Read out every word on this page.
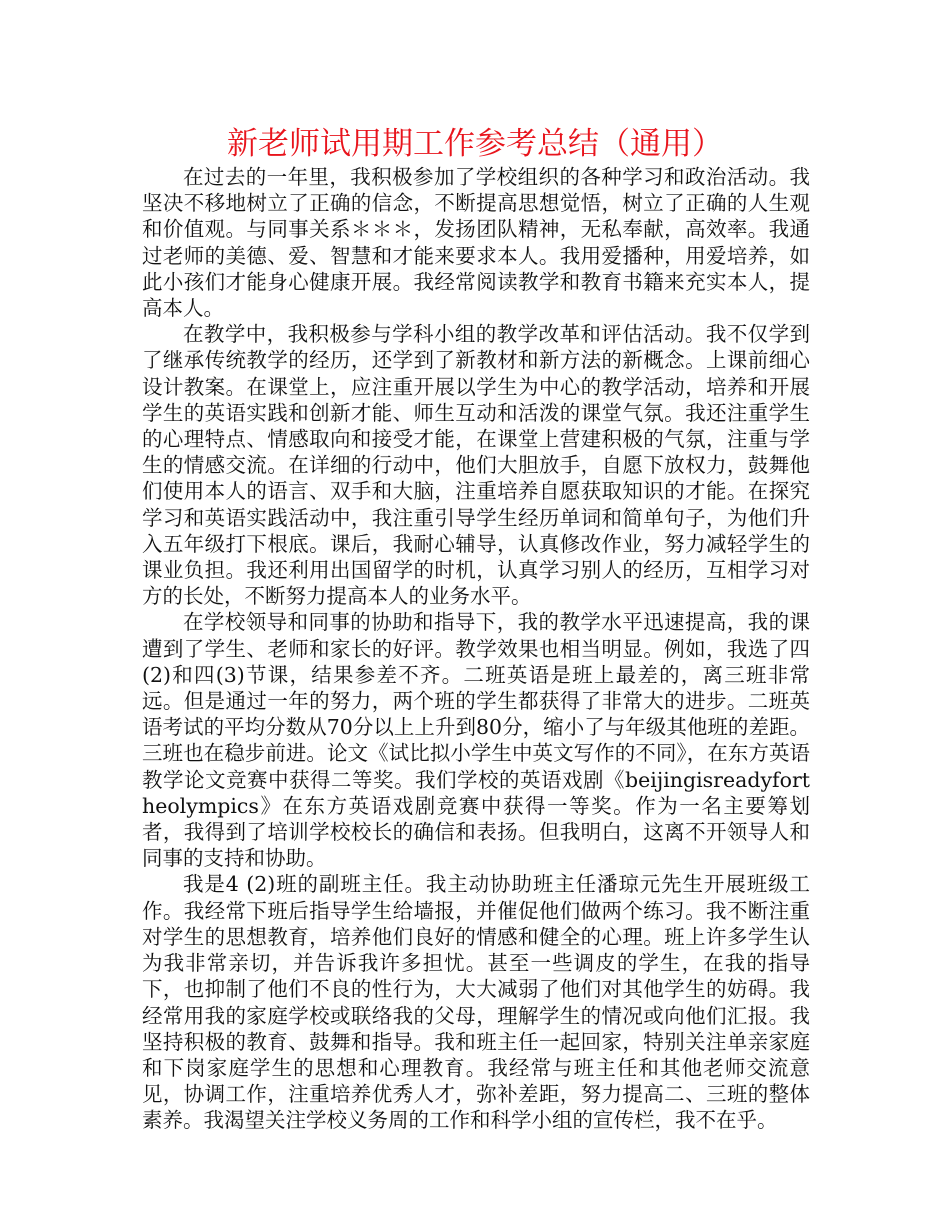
新老师试用期工作参考总结（通用）

在过去的一年里，我积极参加了学校组织的各种学习和政治活动。我坚决不移地树立了正确的信念，不断提高思想觉悟，树立了正确的人生观和价值观。与同事关系＊＊＊，发扬团队精神，无私奉献，高效率。我通过老师的美德、爱、智慧和才能来要求本人。我用爱播种，用爱培养，如此小孩们才能身心健康开展。我经常阅读教学和教育书籍来充实本人，提高本人。

在教学中，我积极参与学科小组的教学改革和评估活动。我不仅学到了继承传统教学的经历，还学到了新教材和新方法的新概念。上课前细心设计教案。在课堂上，应注重开展以学生为中心的教学活动，培养和开展学生的英语实践和创新才能、师生互动和活泼的课堂气氛。我还注重学生的心理特点、情感取向和接受才能，在课堂上营建积极的气氛，注重与学生的情感交流。在详细的行动中，他们大胆放手，自愿下放权力，鼓舞他们使用本人的语言、双手和大脑，注重培养自愿获取知识的才能。在探究学习和英语实践活动中，我注重引导学生经历单词和简单句子，为他们升入五年级打下根底。课后，我耐心辅导，认真修改作业，努力减轻学生的课业负担。我还利用出国留学的时机，认真学习别人的经历，互相学习对方的长处，不断努力提高本人的业务水平。

在学校领导和同事的协助和指导下，我的教学水平迅速提高，我的课遭到了学生、老师和家长的好评。教学效果也相当明显。例如，我选了四(2)和四(3)节课，结果参差不齐。二班英语是班上最差的，离三班非常远。但是通过一年的努力，两个班的学生都获得了非常大的进步。二班英语考试的平均分数从70分以上上升到80分，缩小了与年级其他班的差距。三班也在稳步前进。论文《试比拟小学生中英文写作的不同》，在东方英语教学论文竞赛中获得二等奖。我们学校的英语戏剧《beijingisreadyfortheolympics》在东方英语戏剧竞赛中获得一等奖。作为一名主要筹划者，我得到了培训学校校长的确信和表扬。但我明白，这离不开领导人和同事的支持和协助。

我是4 (2)班的副班主任。我主动协助班主任潘琼元先生开展班级工作。我经常下班后指导学生给墙报，并催促他们做两个练习。我不断注重对学生的思想教育，培养他们良好的情感和健全的心理。班上许多学生认为我非常亲切，并告诉我许多担忧。甚至一些调皮的学生，在我的指导下，也抑制了他们不良的性行为，大大减弱了他们对其他学生的妨碍。我经常用我的家庭学校或联络我的父母，理解学生的情况或向他们汇报。我坚持积极的教育、鼓舞和指导。我和班主任一起回家，特别关注单亲家庭和下岗家庭学生的思想和心理教育。我经常与班主任和其他老师交流意见，协调工作，注重培养优秀人才，弥补差距，努力提高二、三班的整体素养。我渴望关注学校义务周的工作和科学小组的宣传栏，我不在乎。
